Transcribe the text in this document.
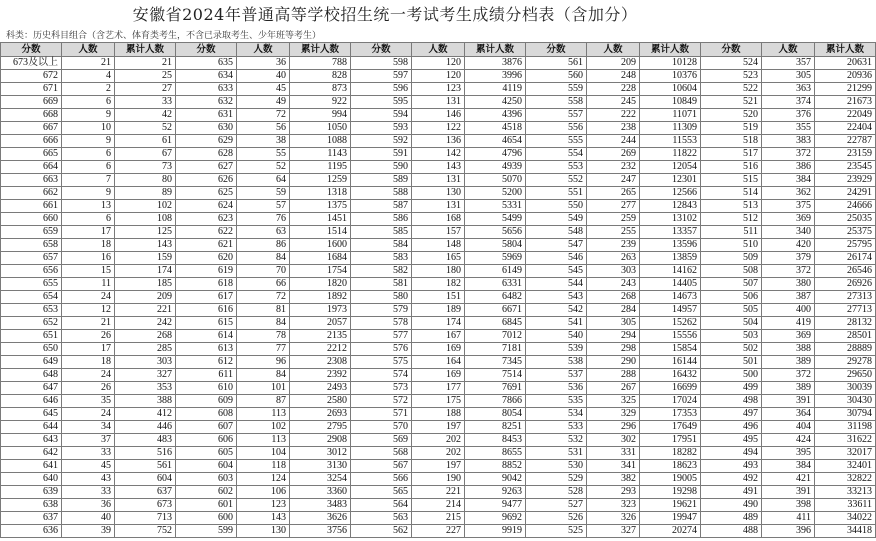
安徽省2024年普通高等学校招生统一考试考生成绩分档表（含加分）
科类：历史科目组合（含艺术、体育类考生，不含已录取考生、少年班等考生）
分数	人数	累计人数	分数	人数	累计人数	分数	人数	累计人数	分数	人数	累计人数	分数	人数	累计人数
673及以上	21	21	635	36	788	598	120	3876	561	209	10128	524	357	20631
672	4	25	634	40	828	597	120	3996	560	248	10376	523	305	20936
671	2	27	633	45	873	596	123	4119	559	228	10604	522	363	21299
669	6	33	632	49	922	595	131	4250	558	245	10849	521	374	21673
668	9	42	631	72	994	594	146	4396	557	222	11071	520	376	22049
667	10	52	630	56	1050	593	122	4518	556	238	11309	519	355	22404
666	9	61	629	38	1088	592	136	4654	555	244	11553	518	383	22787
665	6	67	628	55	1143	591	142	4796	554	269	11822	517	372	23159
664	6	73	627	52	1195	590	143	4939	553	232	12054	516	386	23545
663	7	80	626	64	1259	589	131	5070	552	247	12301	515	384	23929
662	9	89	625	59	1318	588	130	5200	551	265	12566	514	362	24291
661	13	102	624	57	1375	587	131	5331	550	277	12843	513	375	24666
660	6	108	623	76	1451	586	168	5499	549	259	13102	512	369	25035
659	17	125	622	63	1514	585	157	5656	548	255	13357	511	340	25375
658	18	143	621	86	1600	584	148	5804	547	239	13596	510	420	25795
657	16	159	620	84	1684	583	165	5969	546	263	13859	509	379	26174
656	15	174	619	70	1754	582	180	6149	545	303	14162	508	372	26546
655	11	185	618	66	1820	581	182	6331	544	243	14405	507	380	26926
654	24	209	617	72	1892	580	151	6482	543	268	14673	506	387	27313
653	12	221	616	81	1973	579	189	6671	542	284	14957	505	400	27713
652	21	242	615	84	2057	578	174	6845	541	305	15262	504	419	28132
651	26	268	614	78	2135	577	167	7012	540	294	15556	503	369	28501
650	17	285	613	77	2212	576	169	7181	539	298	15854	502	388	28889
649	18	303	612	96	2308	575	164	7345	538	290	16144	501	389	29278
648	24	327	611	84	2392	574	169	7514	537	288	16432	500	372	29650
647	26	353	610	101	2493	573	177	7691	536	267	16699	499	389	30039
646	35	388	609	87	2580	572	175	7866	535	325	17024	498	391	30430
645	24	412	608	113	2693	571	188	8054	534	329	17353	497	364	30794
644	34	446	607	102	2795	570	197	8251	533	296	17649	496	404	31198
643	37	483	606	113	2908	569	202	8453	532	302	17951	495	424	31622
642	33	516	605	104	3012	568	202	8655	531	331	18282	494	395	32017
641	45	561	604	118	3130	567	197	8852	530	341	18623	493	384	32401
640	43	604	603	124	3254	566	190	9042	529	382	19005	492	421	32822
639	33	637	602	106	3360	565	221	9263	528	293	19298	491	391	33213
638	36	673	601	123	3483	564	214	9477	527	323	19621	490	398	33611
637	40	713	600	143	3626	563	215	9692	526	326	19947	489	411	34022
636	39	752	599	130	3756	562	227	9919	525	327	20274	488	396	34418
